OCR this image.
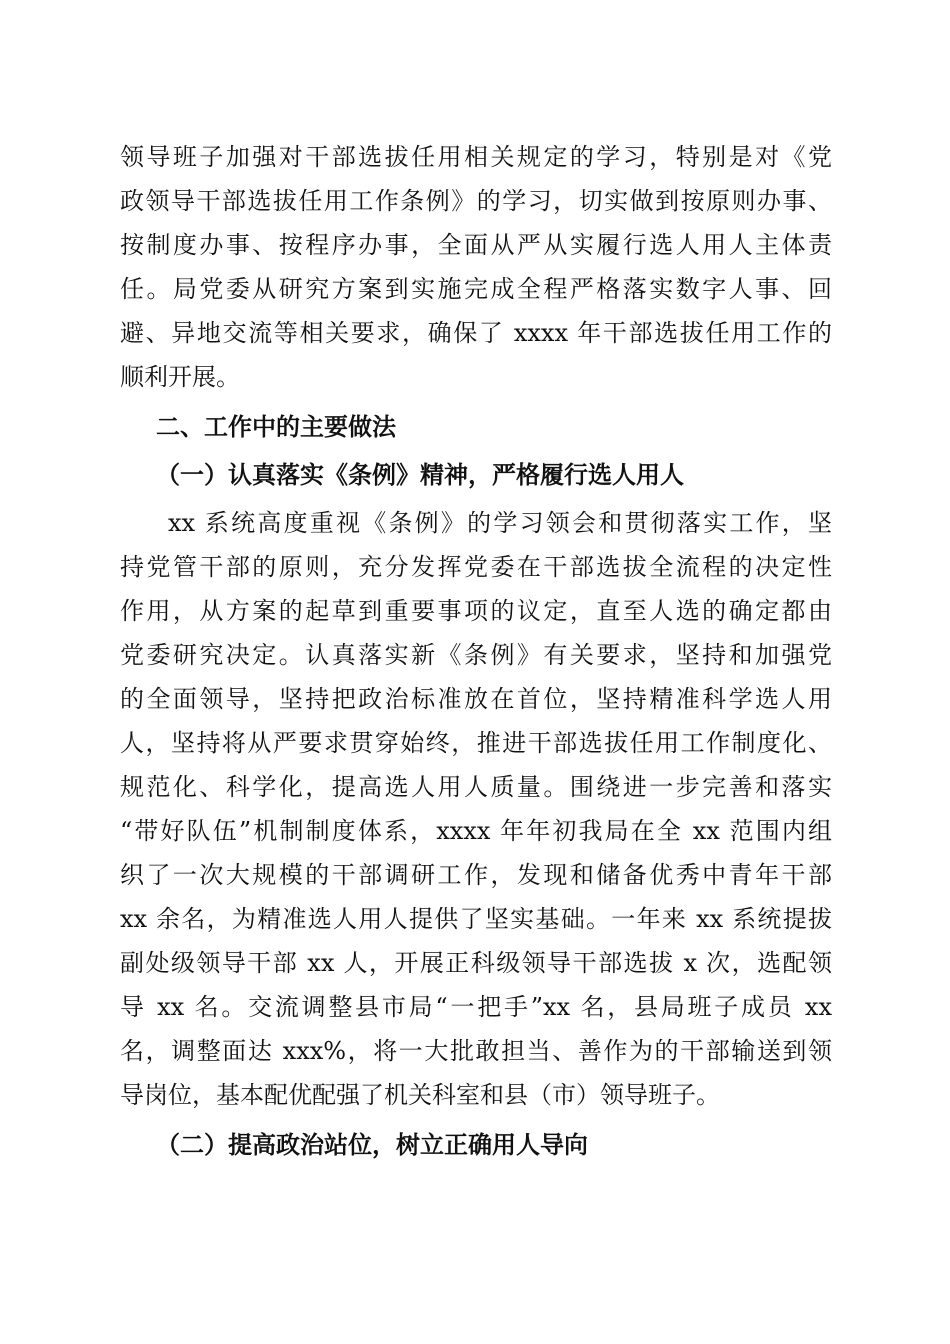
领导班子加强对干部选拔任用相关规定的学习，特别是对《党
政领导干部选拔任用工作条例》的学习，切实做到按原则办事、
按制度办事、按程序办事，全面从严从实履行选人用人主体责
任。局党委从研究方案到实施完成全程严格落实数字人事、回
避、异地交流等相关要求，确保了 xxxx 年干部选拔任用工作的
顺利开展。
二、工作中的主要做法
（一）认真落实《条例》精神，严格履行选人用人
xx 系统高度重视《条例》的学习领会和贯彻落实工作，坚
持党管干部的原则，充分发挥党委在干部选拔全流程的决定性
作用，从方案的起草到重要事项的议定，直至人选的确定都由
党委研究决定。认真落实新《条例》有关要求，坚持和加强党
的全面领导，坚持把政治标准放在首位，坚持精准科学选人用
人，坚持将从严要求贯穿始终，推进干部选拔任用工作制度化、
规范化、科学化，提高选人用人质量。围绕进一步完善和落实
“带好队伍”机制制度体系，xxxx 年年初我局在全 xx 范围内组
织了一次大规模的干部调研工作，发现和储备优秀中青年干部
xx 余名，为精准选人用人提供了坚实基础。一年来 xx 系统提拔
副处级领导干部 xx 人，开展正科级领导干部选拔 x 次，选配领
导 xx 名。交流调整县市局“一把手”xx 名，县局班子成员 xx
名，调整面达 xxx%，将一大批敢担当、善作为的干部输送到领
导岗位，基本配优配强了机关科室和县（市）领导班子。
（二）提高政治站位，树立正确用人导向
